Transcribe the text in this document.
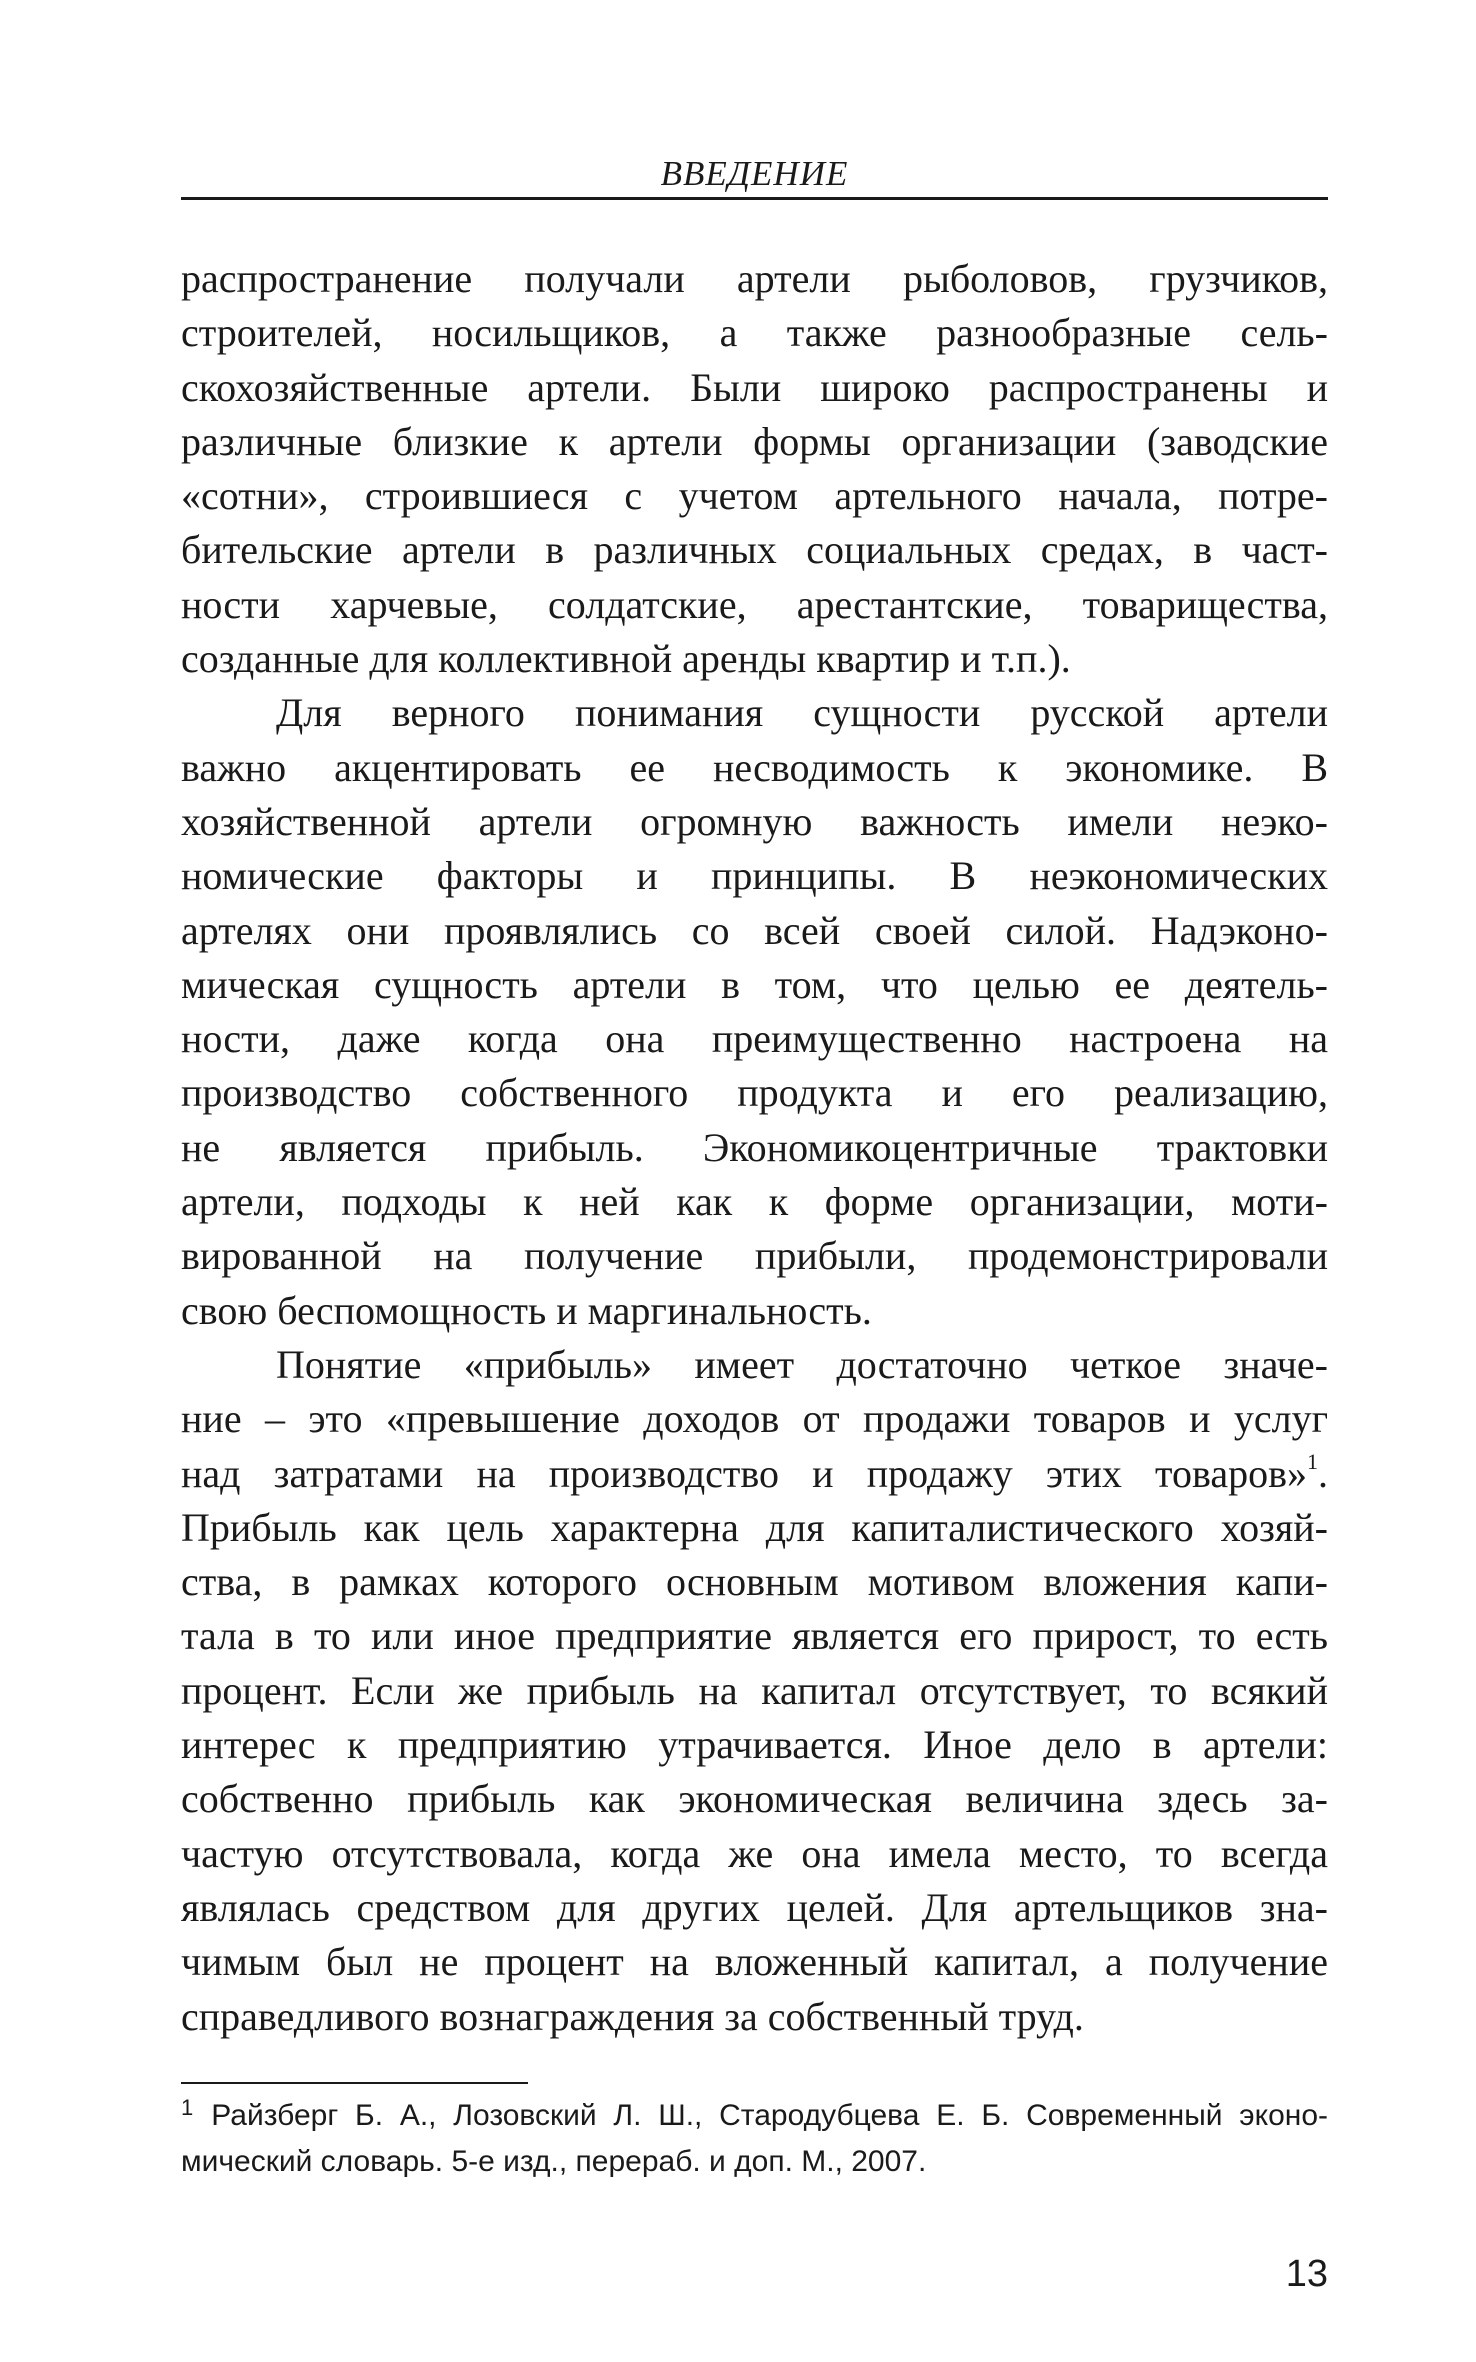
ВВЕДЕНИЕ

распространение получали артели рыболовов, грузчиков,

строителей, носильщиков, а также разнообразные сель-

скохозяйственные артели. Были широко распространены и

различные близкие к артели формы организации (заводские

«сотни», строившиеся с учетом артельного начала, потре-

бительские артели в различных социальных средах, в част-

ности харчевые, солдатские, арестантские, товарищества,

созданные для коллективной аренды квартир и т.п.).

Для верного понимания сущности русской артели

важно акцентировать ее несводимость к экономике. В

хозяйственной артели огромную важность имели неэко-

номические факторы и принципы. В неэкономических

артелях они проявлялись со всей своей силой. Надэконо-

мическая сущность артели в том, что целью ее деятель-

ности, даже когда она преимущественно настроена на

производство собственного продукта и его реализацию,

не является прибыль. Экономикоцентричные трактовки

артели, подходы к ней как к форме организации, моти-

вированной на получение прибыли, продемонстрировали

свою беспомощность и маргинальность.

Понятие «прибыль» имеет достаточно четкое значе-

ние – это «превышение доходов от продажи товаров и услуг

над затратами на производство и продажу этих товаров»$^1$.

Прибыль как цель характерна для капиталистического хозяй-

ства, в рамках которого основным мотивом вложения капи-

тала в то или иное предприятие является его прирост, то есть

процент. Если же прибыль на капитал отсутствует, то всякий

интерес к предприятию утрачивается. Иное дело в артели:

собственно прибыль как экономическая величина здесь за-

частую отсутствовала, когда же она имела место, то всегда

являлась средством для других целей. Для артельщиков зна-

чимым был не процент на вложенный капитал, а получение

справедливого вознаграждения за собственный труд.

$^1$ Райзберг Б. А., Лозовский Л. Ш., Стародубцева Е. Б. Современный эконо-
мический словарь. 5-е изд., перераб. и доп. М., 2007.
13
